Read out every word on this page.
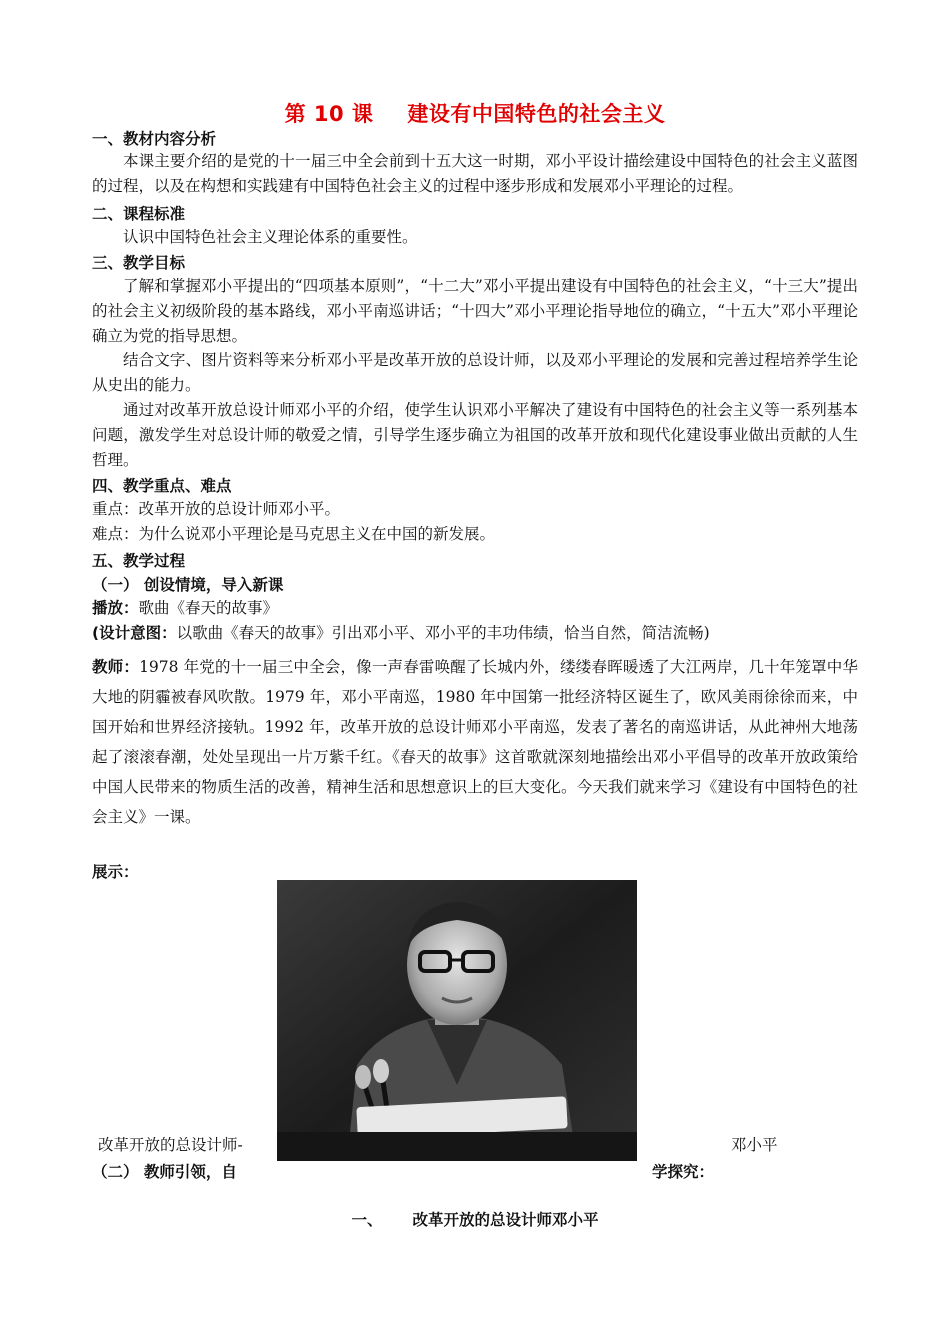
第 10 课 建设有中国特色的社会主义
一、教材内容分析
本课主要介绍的是党的十一届三中全会前到十五大这一时期，邓小平设计描绘建设中国特色的社会主义蓝图的过程，以及在构想和实践建有中国特色社会主义的过程中逐步形成和发展邓小平理论的过程。
二、课程标准
认识中国特色社会主义理论体系的重要性。
三、教学目标
了解和掌握邓小平提出的“四项基本原则”，“十二大”邓小平提出建设有中国特色的社会主义，“十三大”提出的社会主义初级阶段的基本路线，邓小平南巡讲话；“十四大”邓小平理论指导地位的确立，“十五大”邓小平理论确立为党的指导思想。
结合文字、图片资料等来分析邓小平是改革开放的总设计师，以及邓小平理论的发展和完善过程培养学生论从史出的能力。
通过对改革开放总设计师邓小平的介绍，使学生认识邓小平解决了建设有中国特色的社会主义等一系列基本问题，激发学生对总设计师的敬爱之情，引导学生逐步确立为祖国的改革开放和现代化建设事业做出贡献的人生哲理。
四、教学重点、难点
重点：改革开放的总设计师邓小平。
难点：为什么说邓小平理论是马克思主义在中国的新发展。
五、教学过程
（一） 创设情境，导入新课
播放：歌曲《春天的故事》
(设计意图：以歌曲《春天的故事》引出邓小平、邓小平的丰功伟绩，恰当自然，简洁流畅)
教师：1978 年党的十一届三中全会，像一声春雷唤醒了长城内外，缕缕春晖暖透了大江两岸，几十年笼罩中华大地的阴霾被春风吹散。1979 年，邓小平南巡，1980 年中国第一批经济特区诞生了，欧风美雨徐徐而来，中国开始和世界经济接轨。1992 年，改革开放的总设计师邓小平南巡，发表了著名的南巡讲话，从此神州大地荡起了滚滚春潮，处处呈现出一片万紫千红。《春天的故事》这首歌就深刻地描绘出邓小平倡导的改革开放政策给中国人民带来的物质生活的改善，精神生活和思想意识上的巨大变化。今天我们就来学习《建设有中国特色的社会主义》一课。
展示：
改革开放的总设计师-	邓小平
（二） 教师引领，自	学探究：
一、 改革开放的总设计师邓小平
